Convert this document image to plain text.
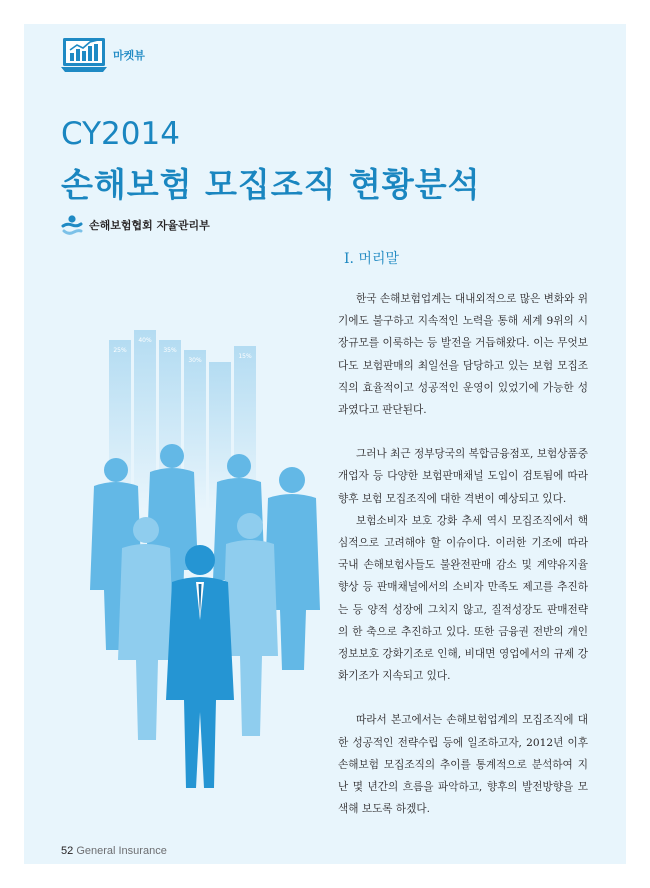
마켓뷰
CY2014
손해보험 모집조직 현황분석
손해보험협회 자율관리부
Ⅰ. 머리말

한국 손해보험업계는 대내외적으로 많은 변화와 위기에도 불구하고 지속적인 노력을 통해 세계 9위의 시장규모를 이룩하는 등 발전을 거듭해왔다. 이는 무엇보다도 보험판매의 최일선을 담당하고 있는 보험 모집조직의 효율적이고 성공적인 운영이 있었기에 가능한 성과였다고 판단된다.

그러나 최근 정부당국의 복합금융점포, 보험상품중개업자 등 다양한 보험판매채널 도입이 검토됨에 따라 향후 보험 모집조직에 대한 격변이 예상되고 있다.

보험소비자 보호 강화 추세 역시 모집조직에서 핵심적으로 고려해야 할 이슈이다. 이러한 기조에 따라 국내 손해보험사들도 불완전판매 감소 및 계약유지율 향상 등 판매채널에서의 소비자 만족도 제고를 추진하는 등 양적 성장에 그치지 않고, 질적성장도 판매전략의 한 축으로 추진하고 있다. 또한 금융권 전반의 개인정보보호 강화기조로 인해, 비대면 영업에서의 규제 강화기조가 지속되고 있다.

따라서 본고에서는 손해보험업계의 모집조직에 대한 성공적인 전략수립 등에 일조하고자, 2012년 이후 손해보험 모집조직의 추이를 통계적으로 분석하여 지난 몇 년간의 흐름을 파악하고, 향후의 발전방향을 모색해 보도록 하겠다.

25%
40%
35%
30%
15%
52 General Insurance
